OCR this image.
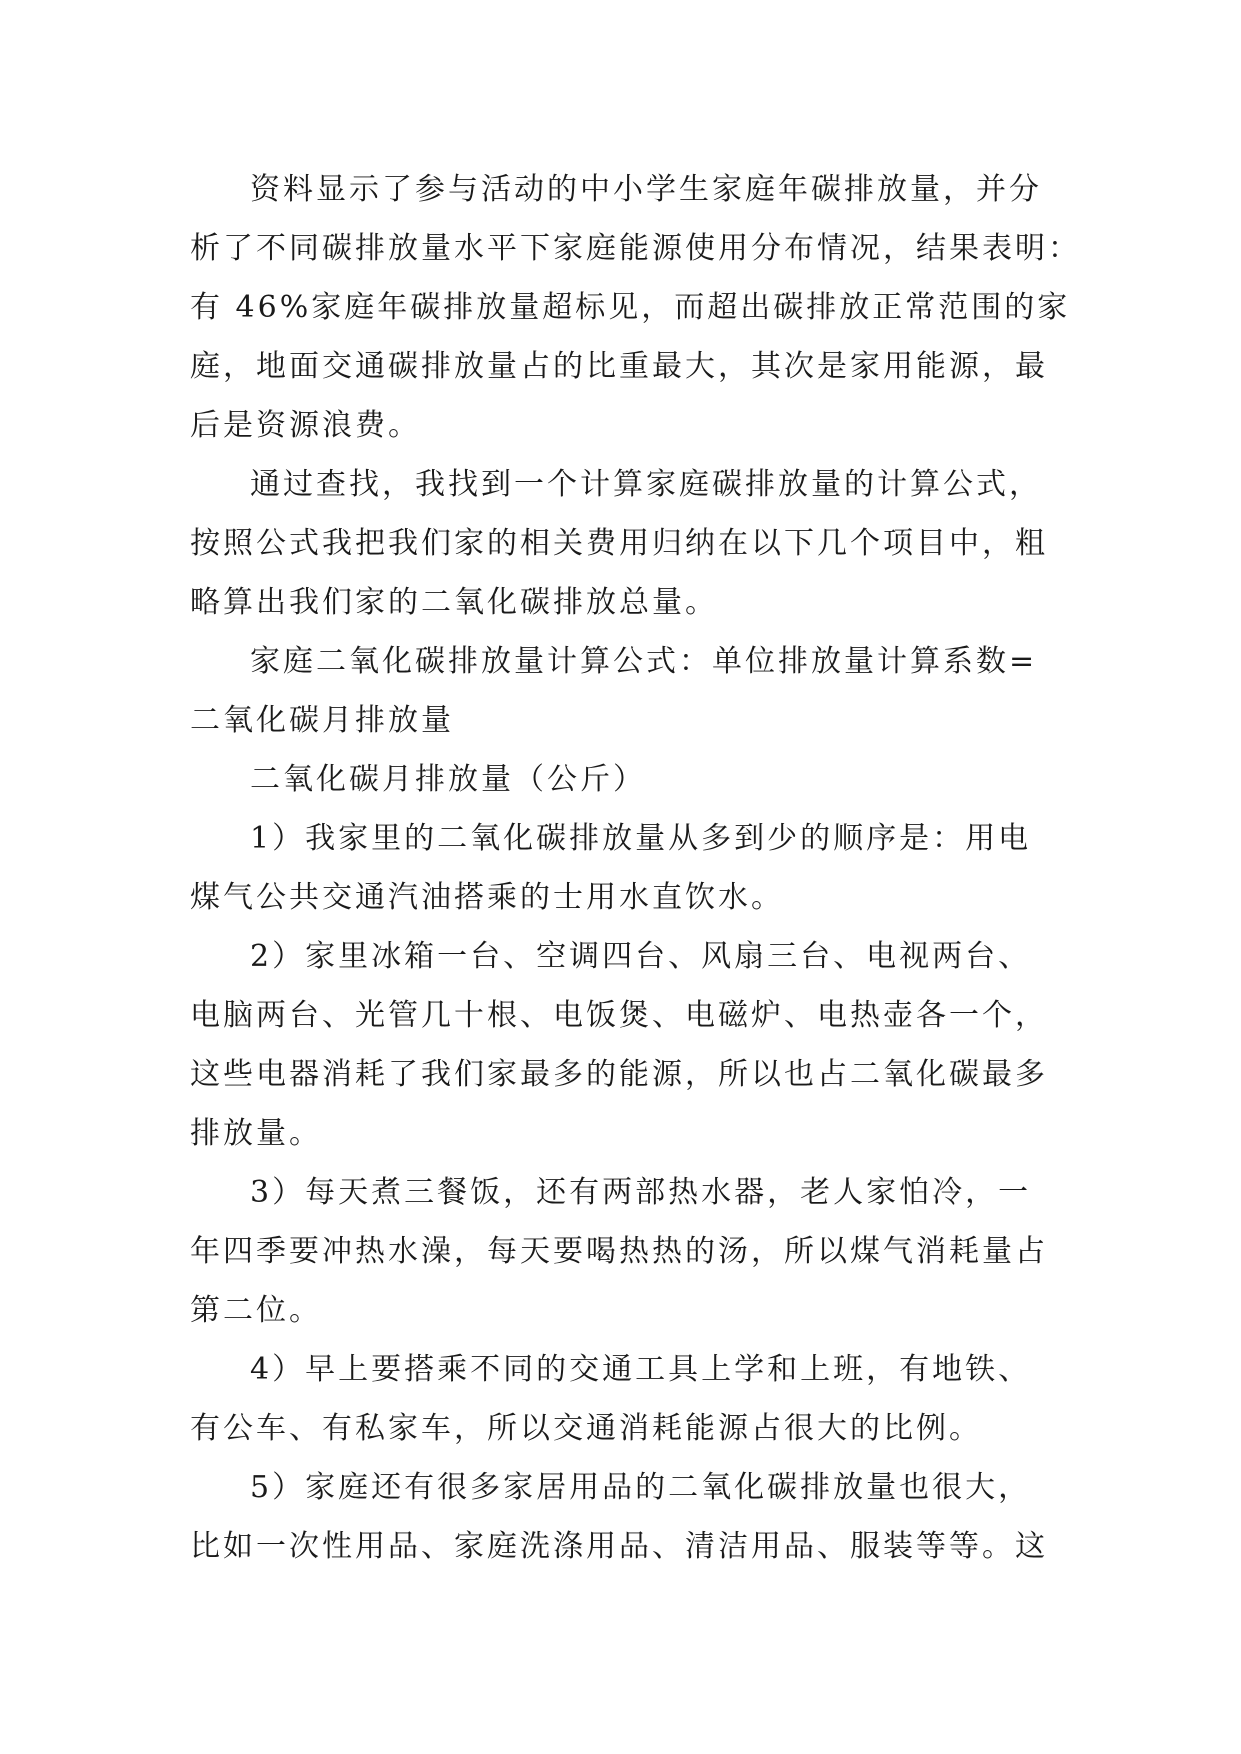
资料显示了参与活动的中小学生家庭年碳排放量，并分
析了不同碳排放量水平下家庭能源使用分布情况，结果表明：
有 46%家庭年碳排放量超标见，而超出碳排放正常范围的家
庭，地面交通碳排放量占的比重最大，其次是家用能源，最
后是资源浪费。
通过查找，我找到一个计算家庭碳排放量的计算公式，
按照公式我把我们家的相关费用归纳在以下几个项目中，粗
略算出我们家的二氧化碳排放总量。
家庭二氧化碳排放量计算公式：单位排放量计算系数=
二氧化碳月排放量
二氧化碳月排放量（公斤）
1）我家里的二氧化碳排放量从多到少的顺序是：用电
煤气公共交通汽油搭乘的士用水直饮水。
2）家里冰箱一台、空调四台、风扇三台、电视两台、
电脑两台、光管几十根、电饭煲、电磁炉、电热壶各一个，
这些电器消耗了我们家最多的能源，所以也占二氧化碳最多
排放量。
3）每天煮三餐饭，还有两部热水器，老人家怕冷，一
年四季要冲热水澡，每天要喝热热的汤，所以煤气消耗量占
第二位。
4）早上要搭乘不同的交通工具上学和上班，有地铁、
有公车、有私家车，所以交通消耗能源占很大的比例。
5）家庭还有很多家居用品的二氧化碳排放量也很大，
比如一次性用品、家庭洗涤用品、清洁用品、服装等等。这
